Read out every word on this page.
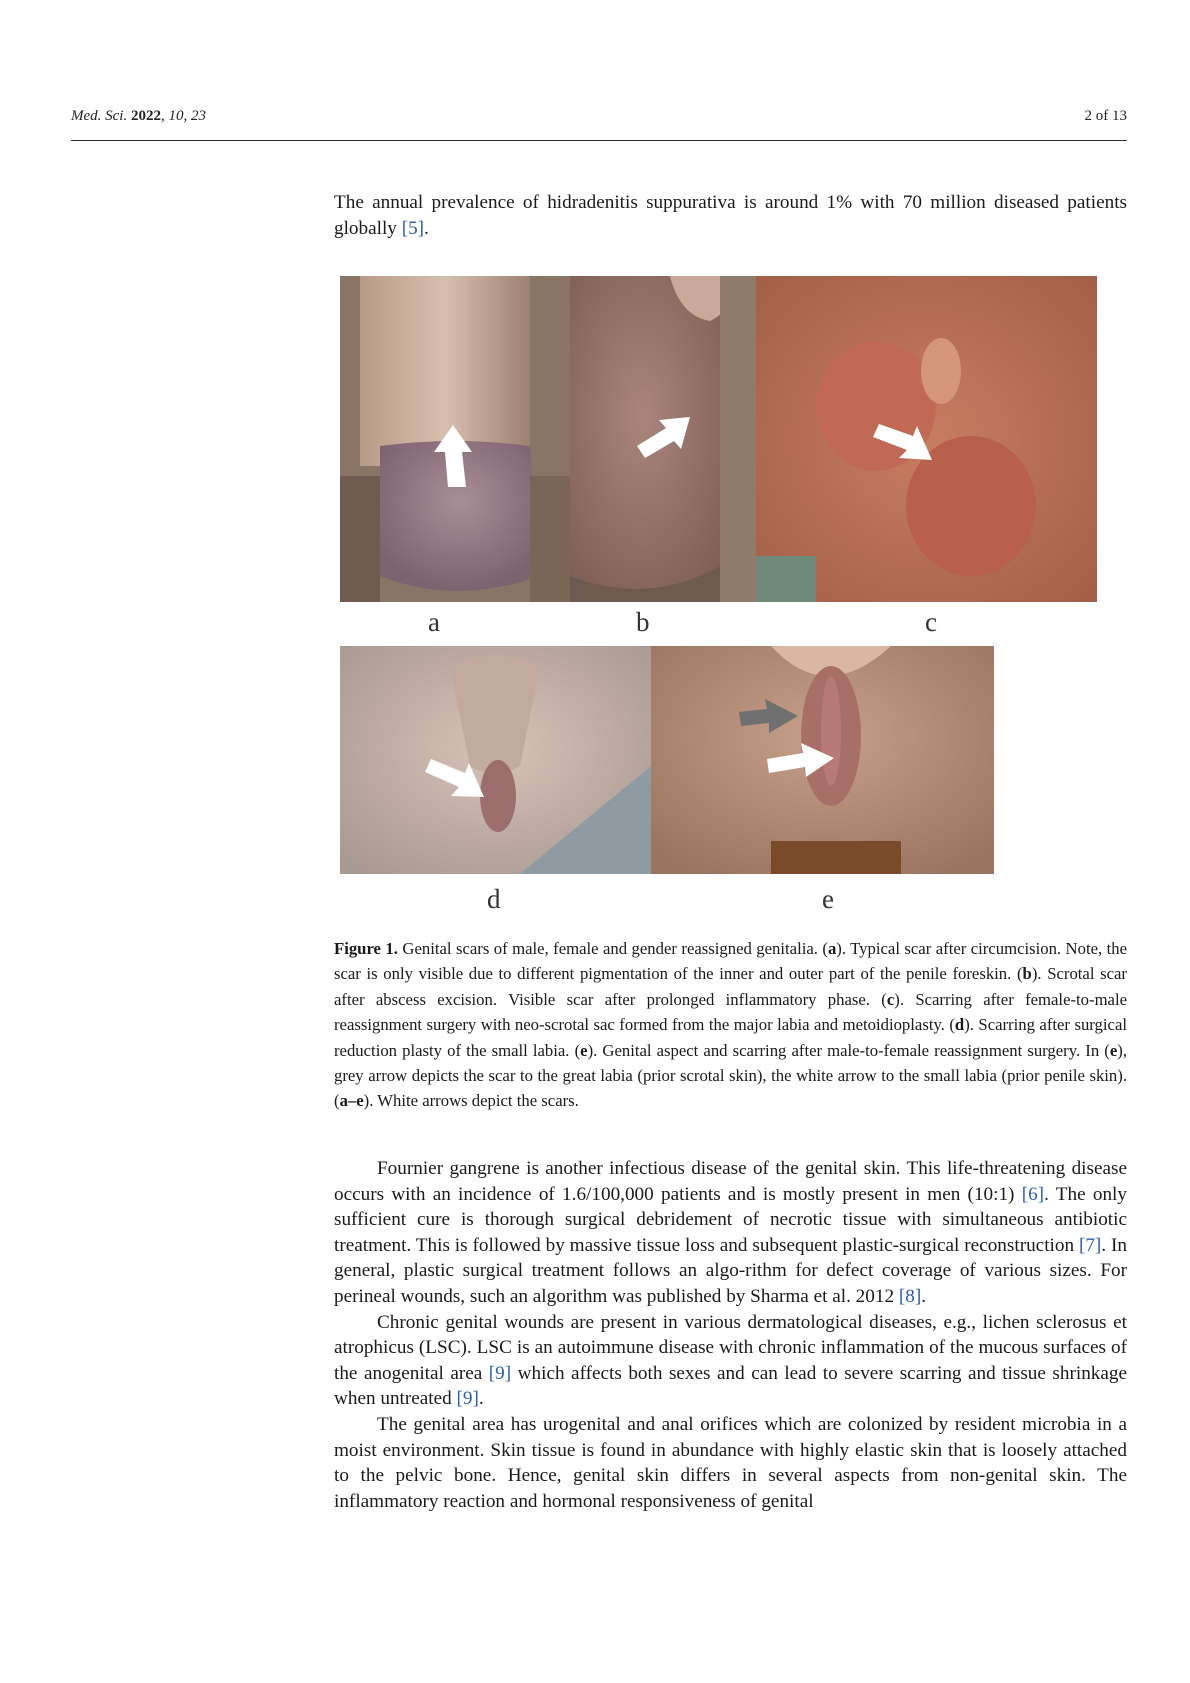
Med. Sci. 2022, 10, 23	2 of 13

The annual prevalence of hidradenitis suppurativa is around 1% with 70 million diseased patients globally [5].

a	b	c
d	e

Figure 1. Genital scars of male, female and gender reassigned genitalia. (a). Typical scar after circumcision. Note, the scar is only visible due to different pigmentation of the inner and outer part of the penile foreskin. (b). Scrotal scar after abscess excision. Visible scar after prolonged inflammatory phase. (c). Scarring after female-to-male reassignment surgery with neo-scrotal sac formed from the major labia and metoidioplasty. (d). Scarring after surgical reduction plasty of the small labia. (e). Genital aspect and scarring after male-to-female reassignment surgery. In (e), grey arrow depicts the scar to the great labia (prior scrotal skin), the white arrow to the small labia (prior penile skin). (a–e). White arrows depict the scars.

Fournier gangrene is another infectious disease of the genital skin. This life-threatening disease occurs with an incidence of 1.6/100,000 patients and is mostly present in men (10:1) [6]. The only sufficient cure is thorough surgical debridement of necrotic tissue with simultaneous antibiotic treatment. This is followed by massive tissue loss and subsequent plastic-surgical reconstruction [7]. In general, plastic surgical treatment follows an algo-rithm for defect coverage of various sizes. For perineal wounds, such an algorithm was published by Sharma et al. 2012 [8].

Chronic genital wounds are present in various dermatological diseases, e.g., lichen sclerosus et atrophicus (LSC). LSC is an autoimmune disease with chronic inflammation of the mucous surfaces of the anogenital area [9] which affects both sexes and can lead to severe scarring and tissue shrinkage when untreated [9].

The genital area has urogenital and anal orifices which are colonized by resident microbia in a moist environment. Skin tissue is found in abundance with highly elastic skin that is loosely attached to the pelvic bone. Hence, genital skin differs in several aspects from non-genital skin. The inflammatory reaction and hormonal responsiveness of genital
